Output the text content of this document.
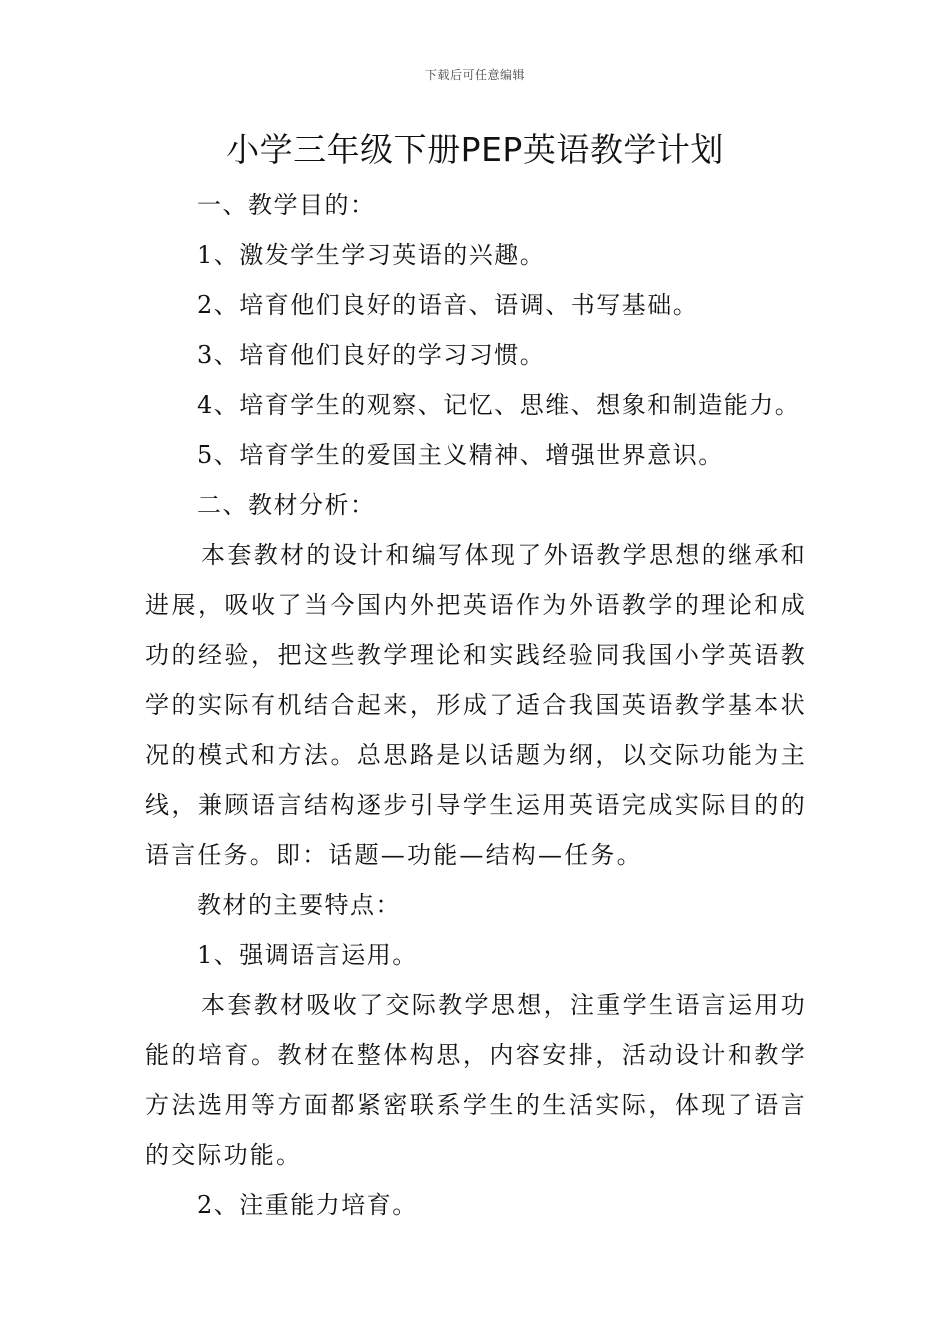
下载后可任意编辑
小学三年级下册PEP英语教学计划
一、教学目的：
1、激发学生学习英语的兴趣。
2、培育他们良好的语音、语调、书写基础。
3、培育他们良好的学习习惯。
4、培育学生的观察、记忆、思维、想象和制造能力。
5、培育学生的爱国主义精神、增强世界意识。
二、教材分析：

本套教材的设计和编写体现了外语教学思想的继承和进展，吸收了当今国内外把英语作为外语教学的理论和成功的经验，把这些教学理论和实践经验同我国小学英语教学的实际有机结合起来，形成了适合我国英语教学基本状况的模式和方法。总思路是以话题为纲，以交际功能为主线，兼顾语言结构逐步引导学生运用英语完成实际目的的语言任务。即：话题—功能—结构—任务。

教材的主要特点：
1、强调语言运用。

本套教材吸收了交际教学思想，注重学生语言运用功能的培育。教材在整体构思，内容安排，活动设计和教学方法选用等方面都紧密联系学生的生活实际，体现了语言的交际功能。

2、注重能力培育。
